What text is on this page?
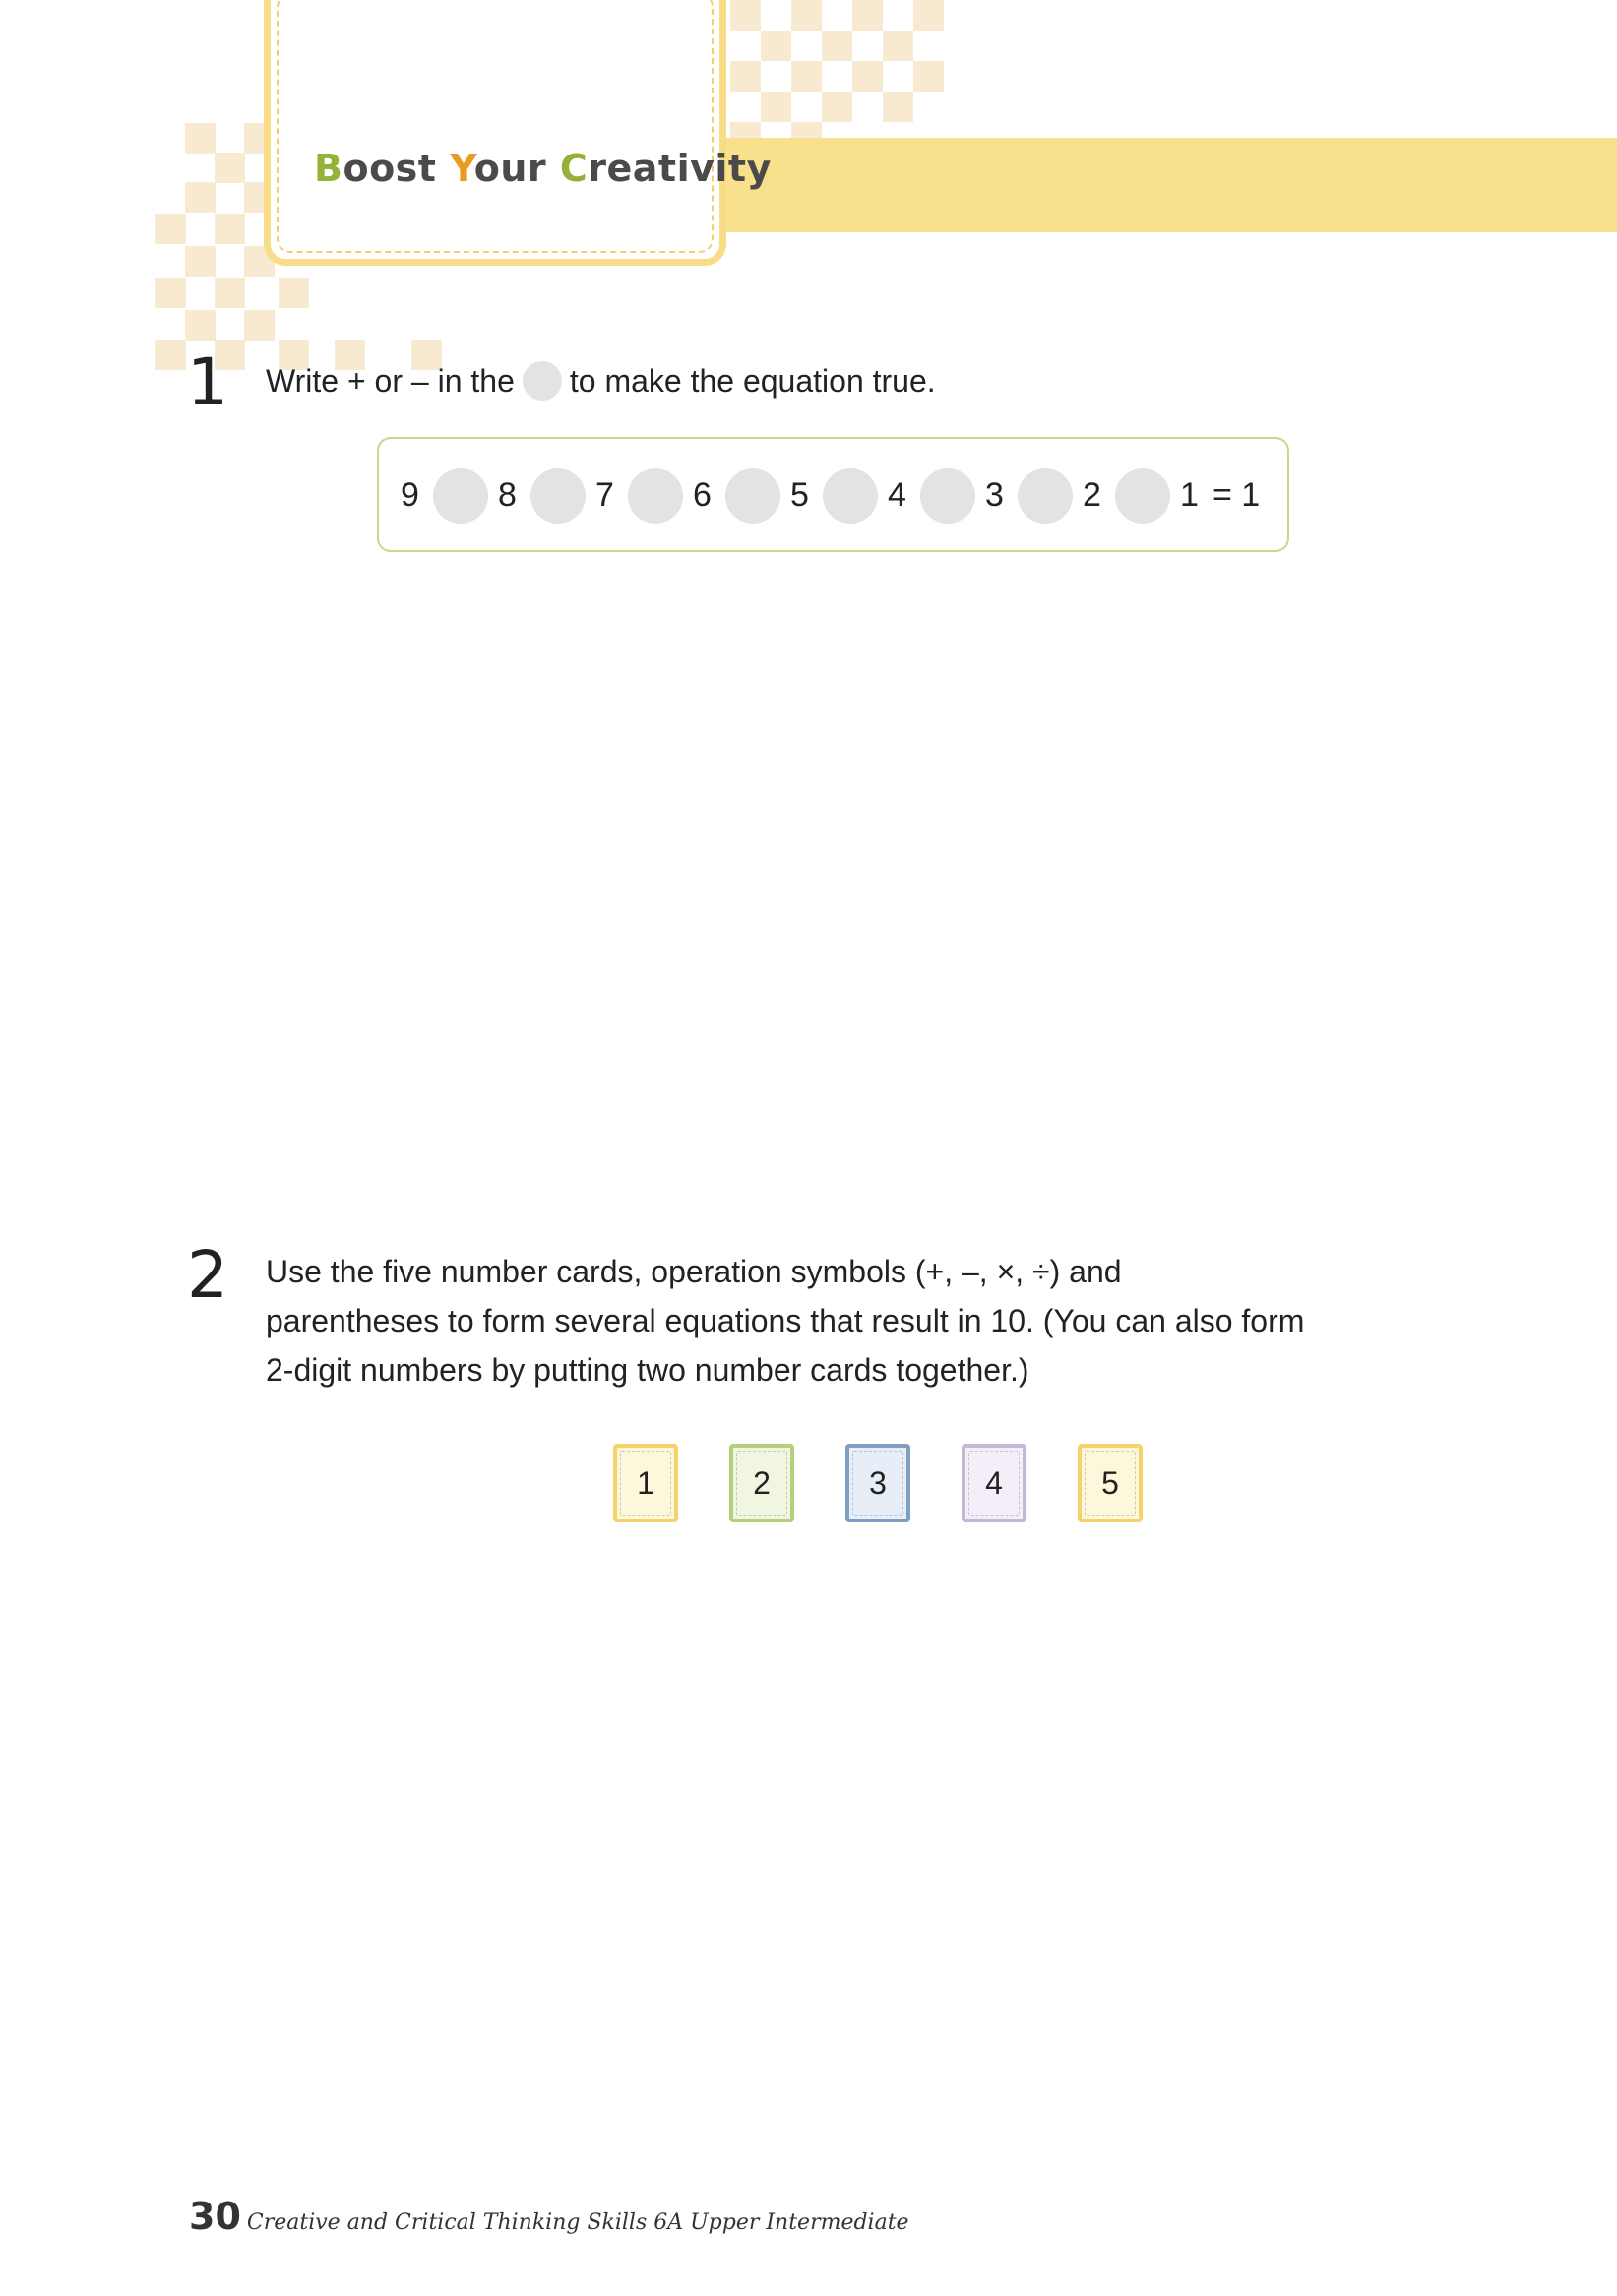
Boost Your Creativity
1 Write + or – in the to make the equation true.
9 8 7 6 5 4 3 2 1 = 1
2 Use the five number cards, operation symbols (+, –, ×, ÷) and
parentheses to form several equations that result in 10. (You can also form
2-digit numbers by putting two number cards together.)
1	2	3	4	5
30 Creative and Critical Thinking Skills 6A Upper Intermediate
